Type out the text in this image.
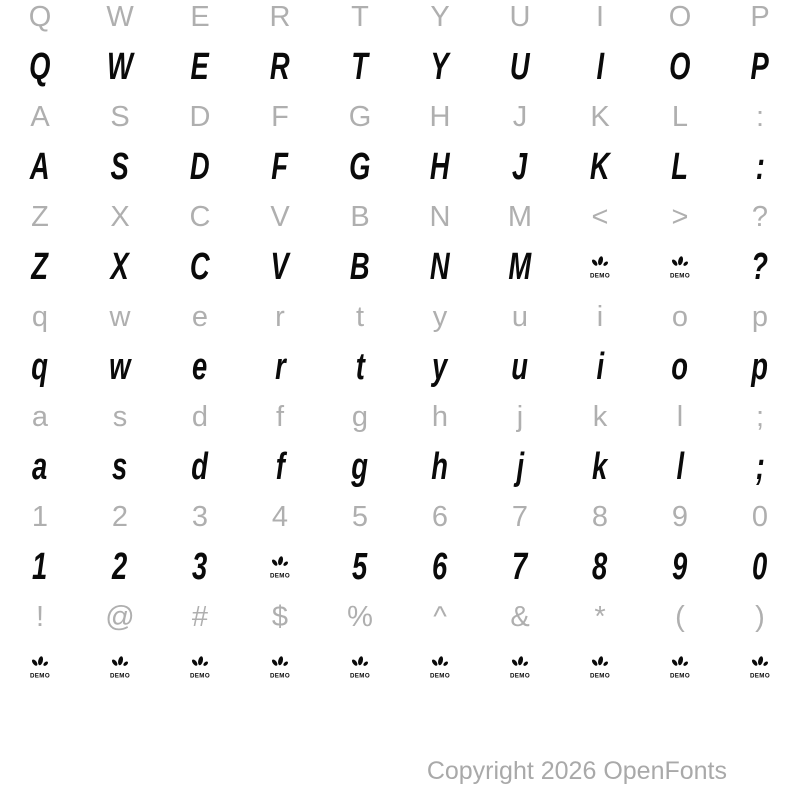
Q W E R T Y U I O P
Q W E R T Y U I O P
A S D F G H J K L :
A S D F G H J K L :
Z X C V B N M < > ?
Z X C V B N M	DEMO	DEMO ?
q w e r t y u i o p
q w e r t y u i o p
a s d f g h j k l	;
a s d f g h j k l ;
1 2 3 4 5 6 7 8 9 0
1 2 3	DEMO 5 6 7 8 9 0
! @ # $ % ^ & * ( )
DEMO	DEMO	DEMO	DEMO	DEMO	DEMO	DEMO	DEMO	DEMO	DEMO
Copyright 2026 OpenFonts
